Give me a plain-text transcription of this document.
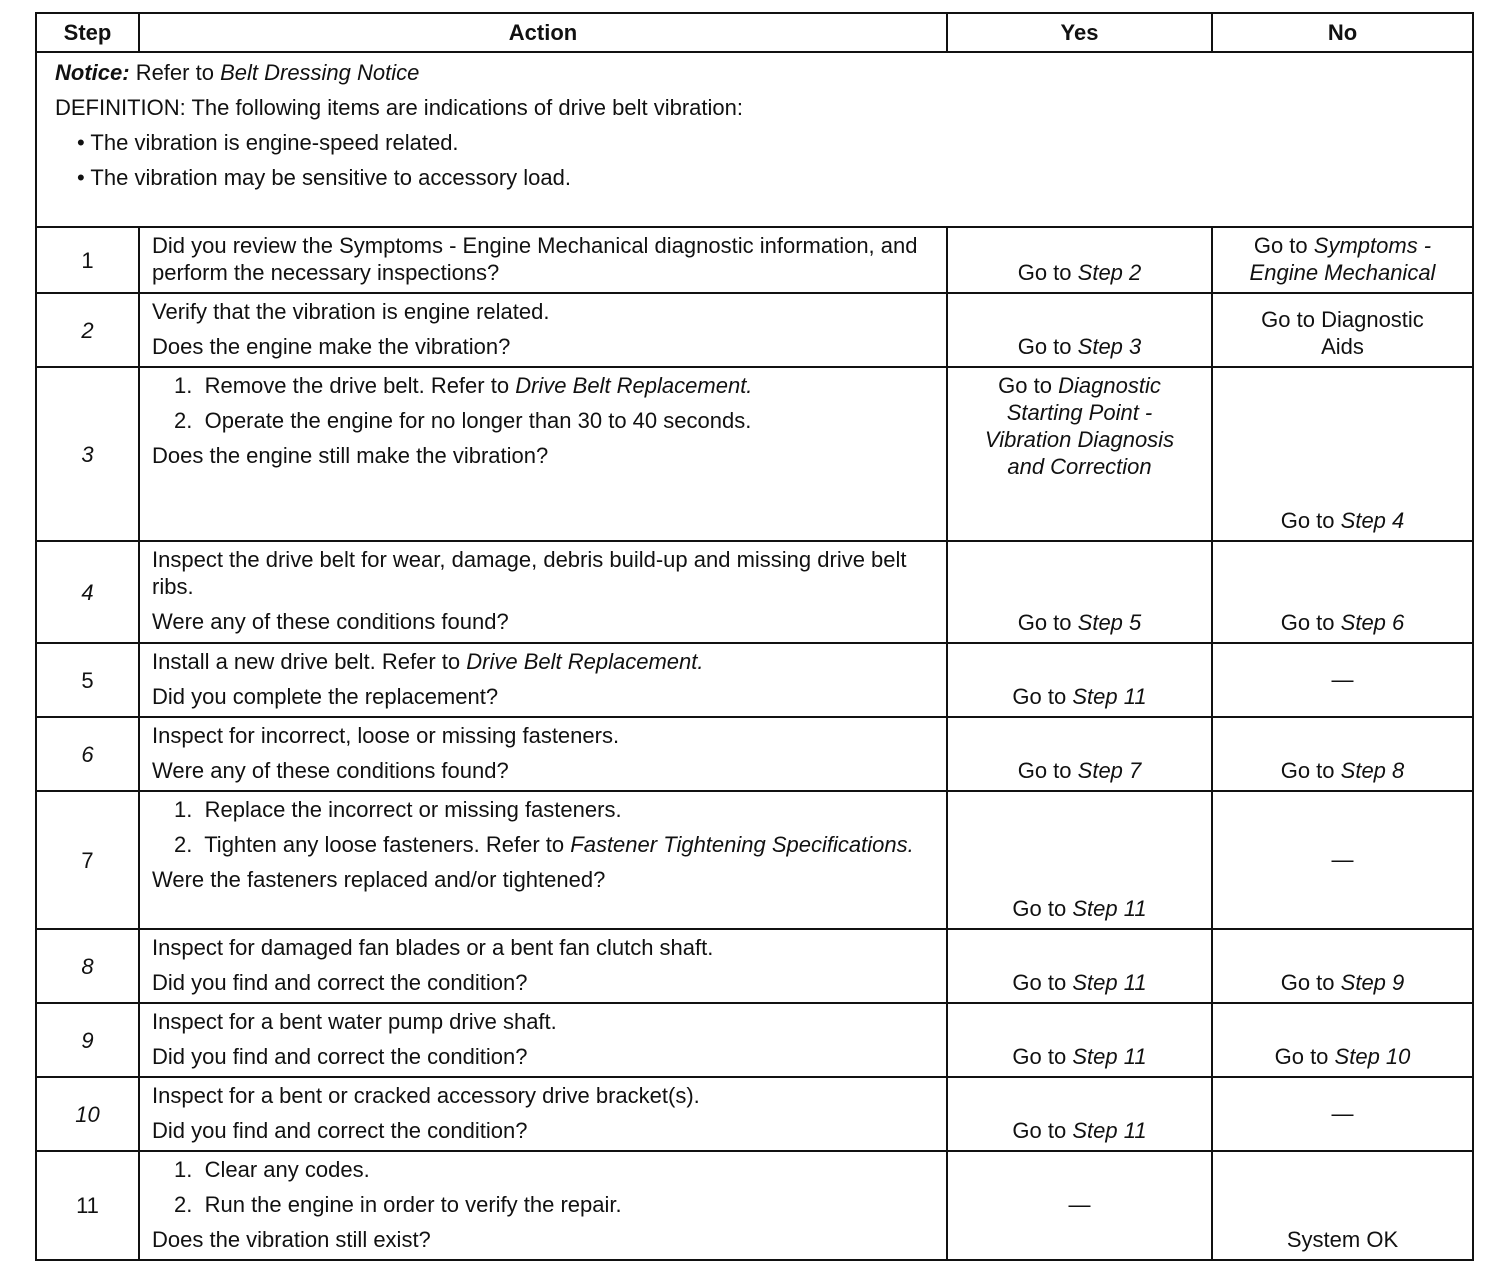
Step	Action	Yes	No

Notice: Refer to Belt Dressing Notice
DEFINITION: The following items are indications of drive belt vibration:
• The vibration is engine-speed related.
• The vibration may be sensitive to accessory load.			

1	Did you review the Symptoms - Engine Mechanical diagnostic information, and perform the necessary inspections?	Go to Step 2	Go to Symptoms - Engine Mechanical
2	Verify that the vibration is engine related.
Does the engine make the vibration?	Go to Step 3	Go to Diagnostic Aids
3	1. Remove the drive belt. Refer to Drive Belt Replacement.
2. Operate the engine for no longer than 30 to 40 seconds.
Does the engine still make the vibration?	Go to Diagnostic Starting Point - Vibration Diagnosis and Correction	Go to Step 4
4	Inspect the drive belt for wear, damage, debris build-up and missing drive belt ribs.
Were any of these conditions found?	Go to Step 5	Go to Step 6
5	Install a new drive belt. Refer to Drive Belt Replacement.
Did you complete the replacement?	Go to Step 11	—
6	Inspect for incorrect, loose or missing fasteners.
Were any of these conditions found?	Go to Step 7	Go to Step 8
7	1. Replace the incorrect or missing fasteners.
2. Tighten any loose fasteners. Refer to Fastener Tightening Specifications.
Were the fasteners replaced and/or tightened?	Go to Step 11	—
8	Inspect for damaged fan blades or a bent fan clutch shaft.
Did you find and correct the condition?	Go to Step 11	Go to Step 9
9	Inspect for a bent water pump drive shaft.
Did you find and correct the condition?	Go to Step 11	Go to Step 10
10	Inspect for a bent or cracked accessory drive bracket(s).
Did you find and correct the condition?	Go to Step 11	—
11	1. Clear any codes.
2. Run the engine in order to verify the repair.
Does the vibration still exist?	—	System OK
